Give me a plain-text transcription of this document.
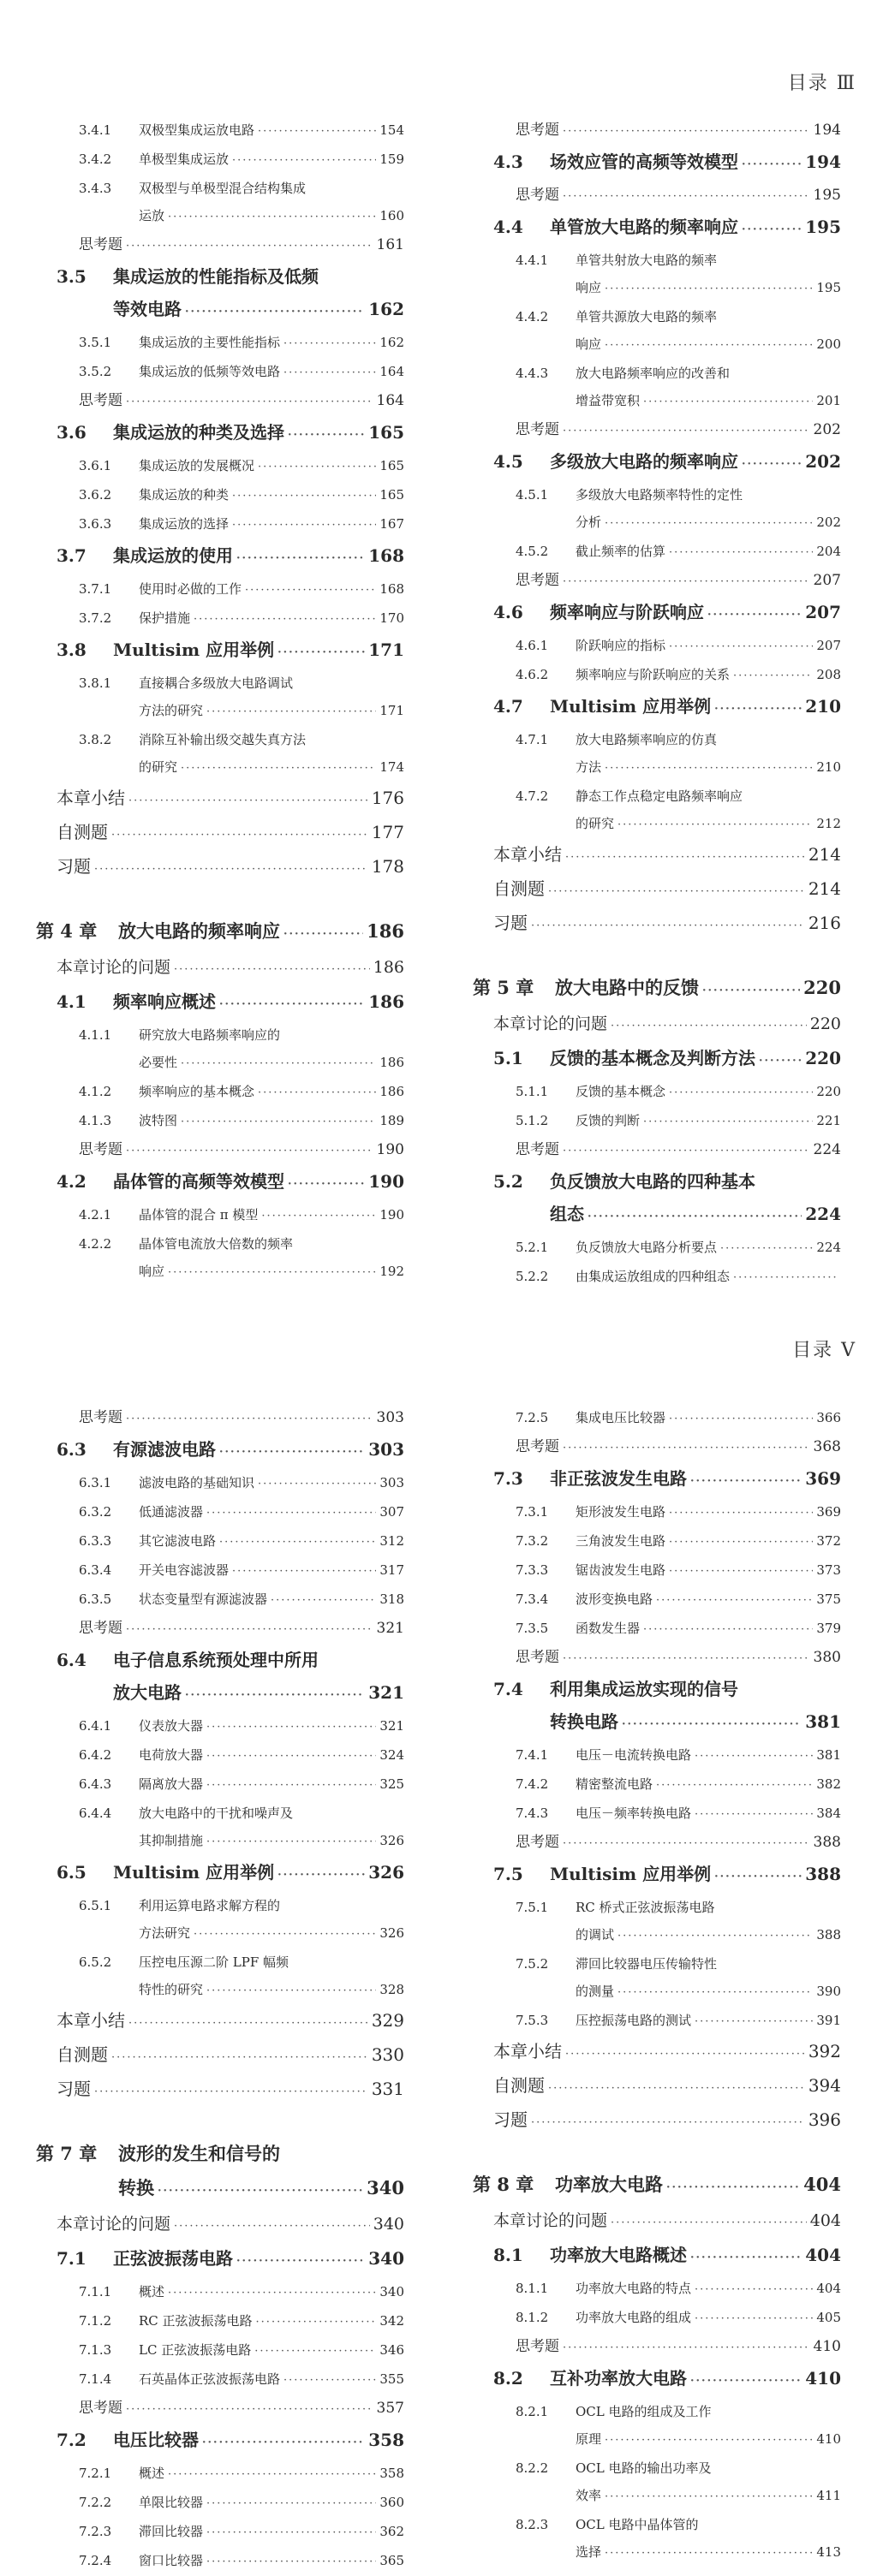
目录 Ⅲ
3.4.1	双极型集成运放电路 ·····	154
3.4.2	单极型集成运放 ·····	159
3.4.3	双极型与单极型混合结构集成
运放 ·····	160
思考题 ·····	161
3.5	集成运放的性能指标及低频
等效电路 ·····	162
3.5.1	集成运放的主要性能指标 ·····	162
3.5.2	集成运放的低频等效电路 ·····	164
思考题 ·····	164
3.6	集成运放的种类及选择 ·····	165
3.6.1	集成运放的发展概况 ·····	165
3.6.2	集成运放的种类 ·····	165
3.6.3	集成运放的选择 ·····	167
3.7	集成运放的使用 ·····	168
3.7.1	使用时必做的工作 ·····	168
3.7.2	保护措施 ·····	170
3.8	Multisim 应用举例 ·····	171
3.8.1	直接耦合多级放大电路调试
方法的研究 ·····	171
3.8.2	消除互补输出级交越失真方法
的研究 ·····	174
本章小结 ·····	176
自测题 ·····	177
习题 ·····	178
第 4 章	放大电路的频率响应 ·····	186
本章讨论的问题 ·····	186
4.1	频率响应概述 ·····	186
4.1.1	研究放大电路频率响应的
必要性 ·····	186
4.1.2	频率响应的基本概念 ·····	186
4.1.3	波特图 ·····	189
思考题 ·····	190
4.2	晶体管的高频等效模型 ·····	190
4.2.1	晶体管的混合 π 模型 ·····	190
4.2.2	晶体管电流放大倍数的频率
响应 ·····	192
思考题 ·····	194
4.3	场效应管的高频等效模型 ·····	194
思考题 ·····	195
4.4	单管放大电路的频率响应 ·····	195
4.4.1	单管共射放大电路的频率
响应 ·····	195
4.4.2	单管共源放大电路的频率
响应 ·····	200
4.4.3	放大电路频率响应的改善和
增益带宽积 ·····	201
思考题 ·····	202
4.5	多级放大电路的频率响应 ·····	202
4.5.1	多级放大电路频率特性的定性
分析 ·····	202
4.5.2	截止频率的估算 ·····	204
思考题 ·····	207
4.6	频率响应与阶跃响应 ·····	207
4.6.1	阶跃响应的指标 ·····	207
4.6.2	频率响应与阶跃响应的关系 ·····	208
4.7	Multisim 应用举例 ·····	210
4.7.1	放大电路频率响应的仿真
方法 ·····	210
4.7.2	静态工作点稳定电路频率响应
的研究 ·····	212
本章小结 ·····	214
自测题 ·····	214
习题 ·····	216
第 5 章	放大电路中的反馈 ·····	220
本章讨论的问题 ·····	220
5.1	反馈的基本概念及判断方法 ·····	220
5.1.1	反馈的基本概念 ·····	220
5.1.2	反馈的判断 ·····	221
思考题 ·····	224
5.2	负反馈放大电路的四种基本
组态 ·····	224
5.2.1	负反馈放大电路分析要点 ·····	224
5.2.2	由集成运放组成的四种组态
·····
目录 V
思考题 ·····	303
6.3	有源滤波电路 ·····	303
6.3.1	滤波电路的基础知识 ·····	303
6.3.2	低通滤波器 ·····	307
6.3.3	其它滤波电路 ·····	312
6.3.4	开关电容滤波器 ·····	317
6.3.5	状态变量型有源滤波器 ·····	318
思考题 ·····	321
6.4	电子信息系统预处理中所用
放大电路 ·····	321
6.4.1	仪表放大器 ·····	321
6.4.2	电荷放大器 ·····	324
6.4.3	隔离放大器 ·····	325
6.4.4	放大电路中的干扰和噪声及
其抑制措施 ·····	326
6.5	Multisim 应用举例 ·····	326
6.5.1	利用运算电路求解方程的
方法研究 ·····	326
6.5.2	压控电压源二阶 LPF 幅频
特性的研究 ·····	328
本章小结 ·····	329
自测题 ·····	330
习题 ·····	331
第 7 章	波形的发生和信号的
转换 ·····	340
本章讨论的问题 ·····	340
7.1	正弦波振荡电路 ·····	340
7.1.1	概述 ·····	340
7.1.2	RC 正弦波振荡电路 ·····	342
7.1.3	LC 正弦波振荡电路 ·····	346
7.1.4	石英晶体正弦波振荡电路 ·····	355
思考题 ·····	357
7.2	电压比较器 ·····	358
7.2.1	概述 ·····	358
7.2.2	单限比较器 ·····	360
7.2.3	滞回比较器 ·····	362
7.2.4	窗口比较器 ·····	365
7.2.5	集成电压比较器 ·····	366
思考题 ·····	368
7.3	非正弦波发生电路 ·····	369
7.3.1	矩形波发生电路 ·····	369
7.3.2	三角波发生电路 ·····	372
7.3.3	锯齿波发生电路 ·····	373
7.3.4	波形变换电路 ·····	375
7.3.5	函数发生器 ·····	379
思考题 ·····	380
7.4	利用集成运放实现的信号
转换电路 ·····	381
7.4.1	电压－电流转换电路 ·····	381
7.4.2	精密整流电路 ·····	382
7.4.3	电压－频率转换电路 ·····	384
思考题 ·····	388
7.5	Multisim 应用举例 ·····	388
7.5.1	RC 桥式正弦波振荡电路
的调试 ·····	388
7.5.2	滞回比较器电压传输特性
的测量 ·····	390
7.5.3	压控振荡电路的测试 ·····	391
本章小结 ·····	392
自测题 ·····	394
习题 ·····	396
第 8 章	功率放大电路 ·····	404
本章讨论的问题 ·····	404
8.1	功率放大电路概述 ·····	404
8.1.1	功率放大电路的特点 ·····	404
8.1.2	功率放大电路的组成 ·····	405
思考题 ·····	410
8.2	互补功率放大电路 ·····	410
8.2.1	OCL 电路的组成及工作
原理 ·····	410
8.2.2	OCL 电路的输出功率及
效率 ·····	411
8.2.3	OCL 电路中晶体管的
选择 ·····	413
